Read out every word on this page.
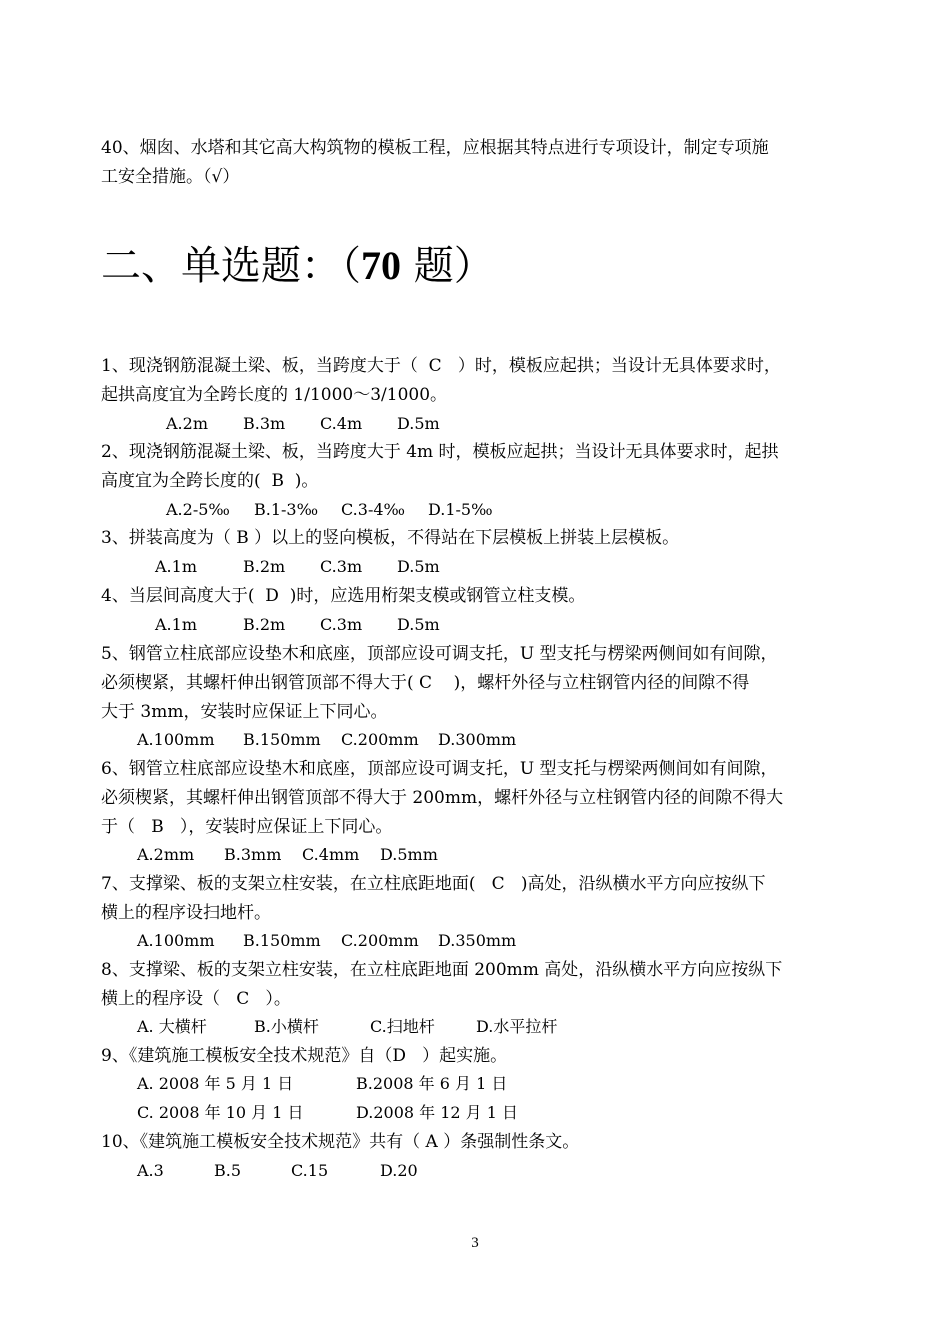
40、烟囱、水塔和其它高大构筑物的模板工程，应根据其特点进行专项设计，制定专项施
工安全措施。（√）
二、单选题：（70 题）
1、现浇钢筋混凝土梁、板，当跨度大于（  C   ）时，模板应起拱；当设计无具体要求时，
起拱高度宜为全跨长度的 1/1000～3/1000。
A.2m B.3m C.4m D.5m
2、现浇钢筋混凝土梁、板，当跨度大于 4m 时，模板应起拱；当设计无具体要求时，起拱
高度宜为全跨长度的(  B  )。
A.2-5‰ B.1-3‰ C.3-4‰ D.1-5‰
3、拼装高度为（ B ）以上的竖向模板，不得站在下层模板上拼装上层模板。
A.1m	B.2m C.3m D.5m
4、当层间高度大于(  D  )时，应选用桁架支模或钢管立柱支模。
A.1m	B.2m C.3m D.5m
5、钢管立柱底部应设垫木和底座，顶部应设可调支托，U 型支托与楞梁两侧间如有间隙，
必须楔紧，其螺杆伸出钢管顶部不得大于( C    )，螺杆外径与立柱钢管内径的间隙不得
大于 3mm，安装时应保证上下同心。
A.100mm B.150mm C.200mm D.300mm
6、钢管立柱底部应设垫木和底座，顶部应设可调支托，U 型支托与楞梁两侧间如有间隙，
必须楔紧，其螺杆伸出钢管顶部不得大于 200mm，螺杆外径与立柱钢管内径的间隙不得大
于（   B   ），安装时应保证上下同心。
A.2mm B.3mm C.4mm D.5mm
7、支撑梁、板的支架立柱安装，在立柱底距地面(   C   )高处，沿纵横水平方向应按纵下
横上的程序设扫地杆。
A.100mm B.150mm C.200mm D.350mm
8、支撑梁、板的支架立柱安装，在立柱底距地面 200mm 高处，沿纵横水平方向应按纵下
横上的程序设（   C   ）。
A. 大横杆	B.小横杆	C.扫地杆	D.水平拉杆
9、《建筑施工模板安全技术规范》自（D   ）起实施。
A. 2008 年 5 月 1 日	B.2008 年 6 月 1 日
C. 2008 年 10 月 1 日	D.2008 年 12 月 1 日
10、《建筑施工模板安全技术规范》共有（ A ）条强制性条文。
A.3	B.5	C.15	D.20
3
